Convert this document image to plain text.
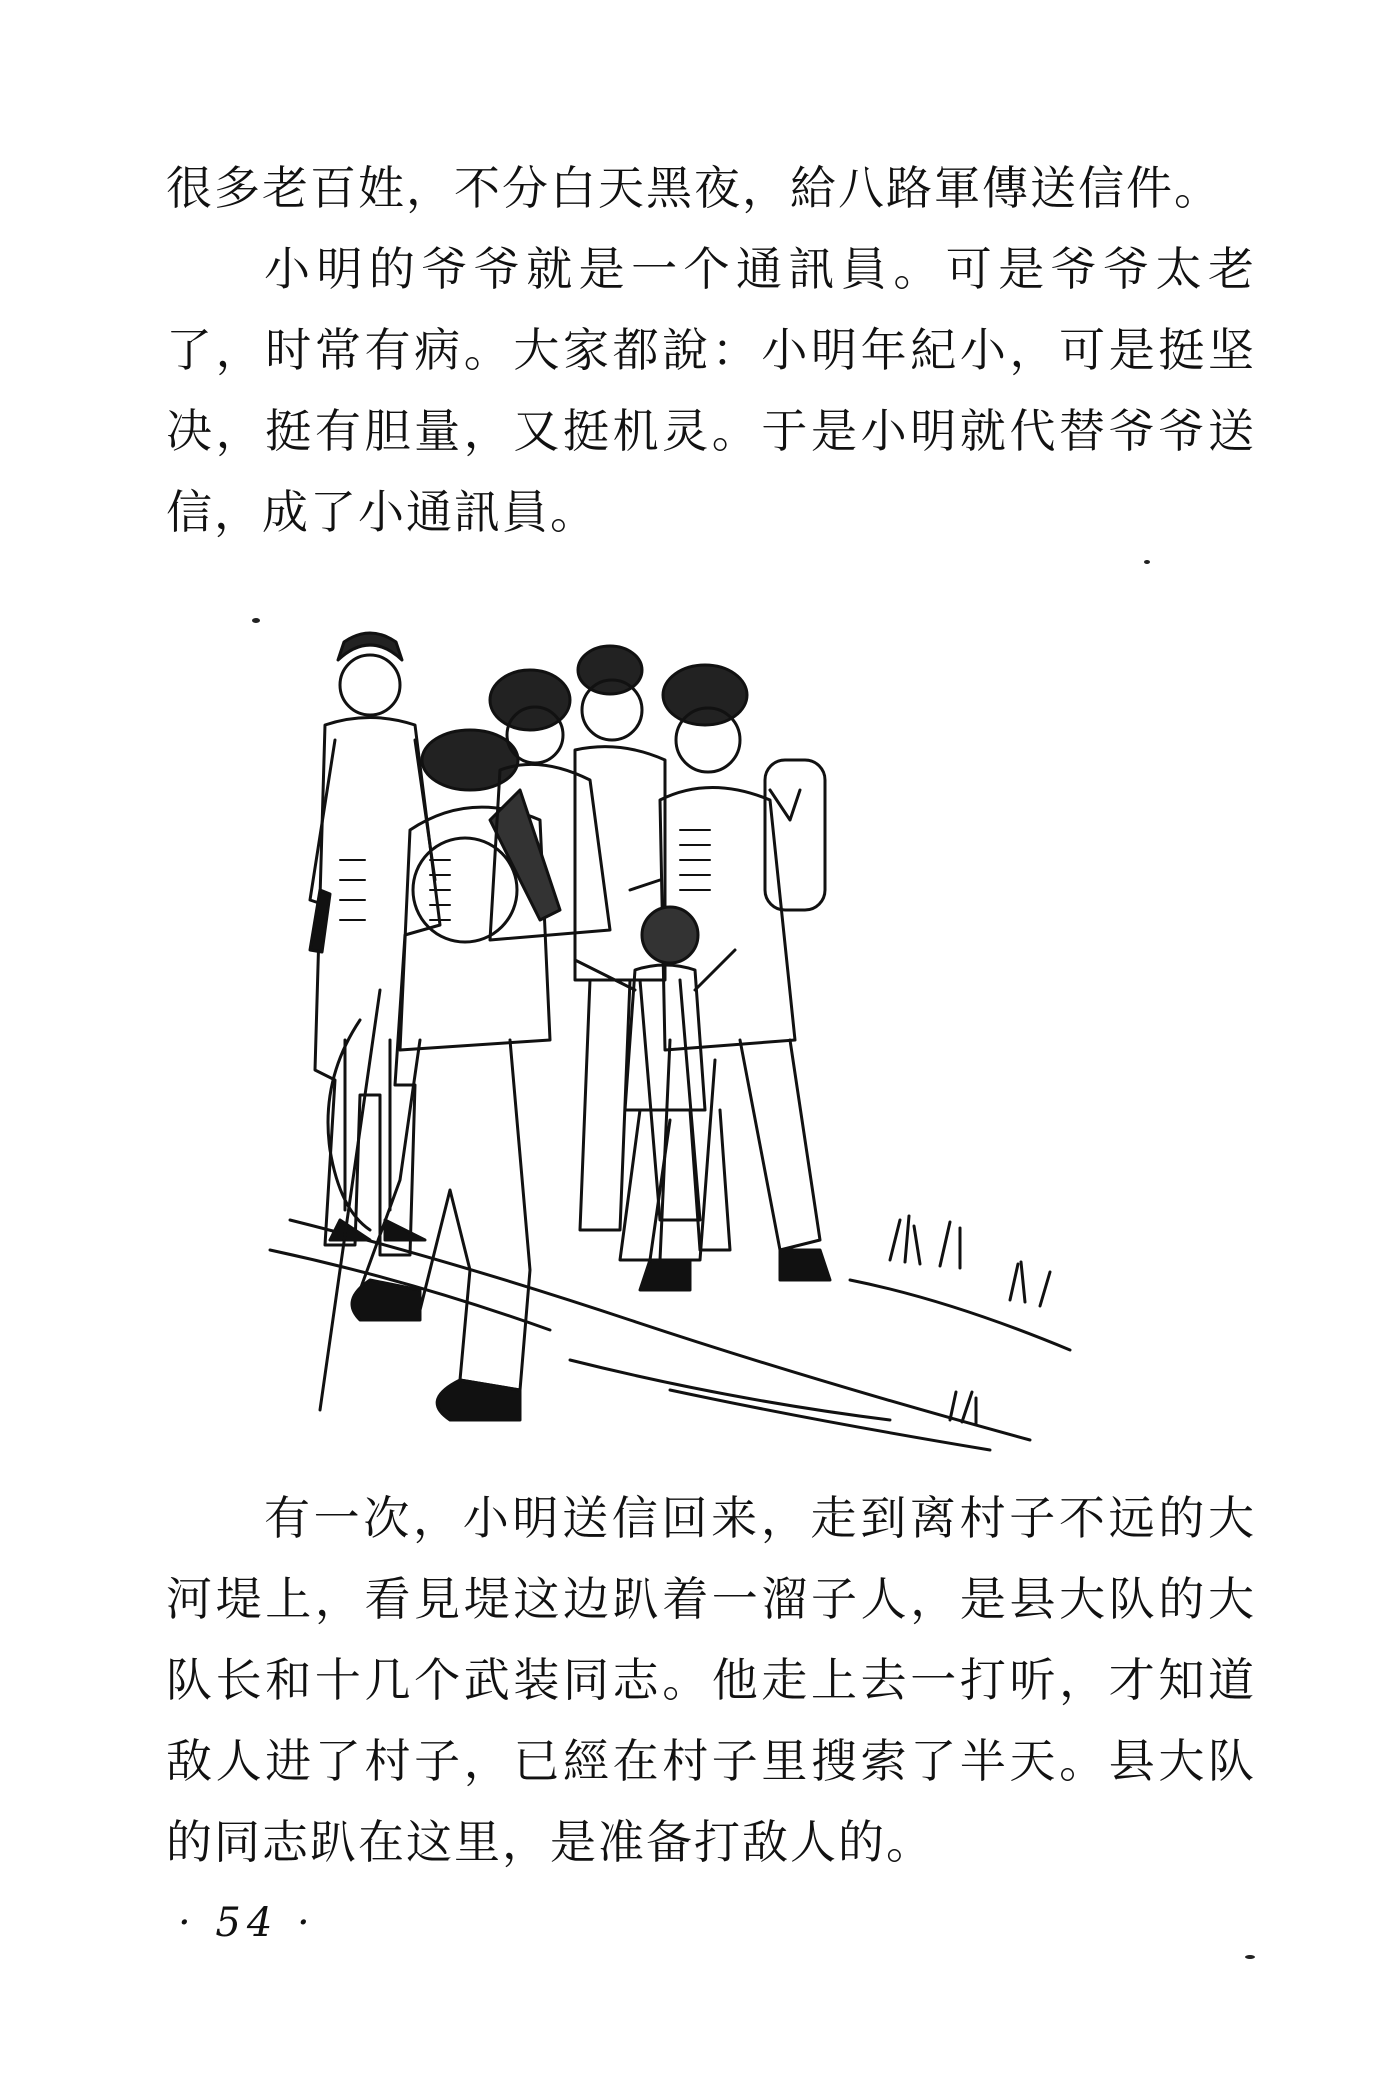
很多老百姓，不分白天黑夜，給八路軍傳送信件。

小明的爷爷就是一个通訊員。可是爷爷太老了，时常有病。大家都說：小明年紀小，可是挺坚决，挺有胆量，又挺机灵。于是小明就代替爷爷送信，成了小通訊員。

有一次，小明送信回来，走到离村子不远的大河堤上，看見堤这边趴着一溜子人，是县大队的大队长和十几个武装同志。他走上去一打听，才知道敌人进了村子，已經在村子里搜索了半天。县大队的同志趴在这里，是准备打敌人的。

· 54 ·
